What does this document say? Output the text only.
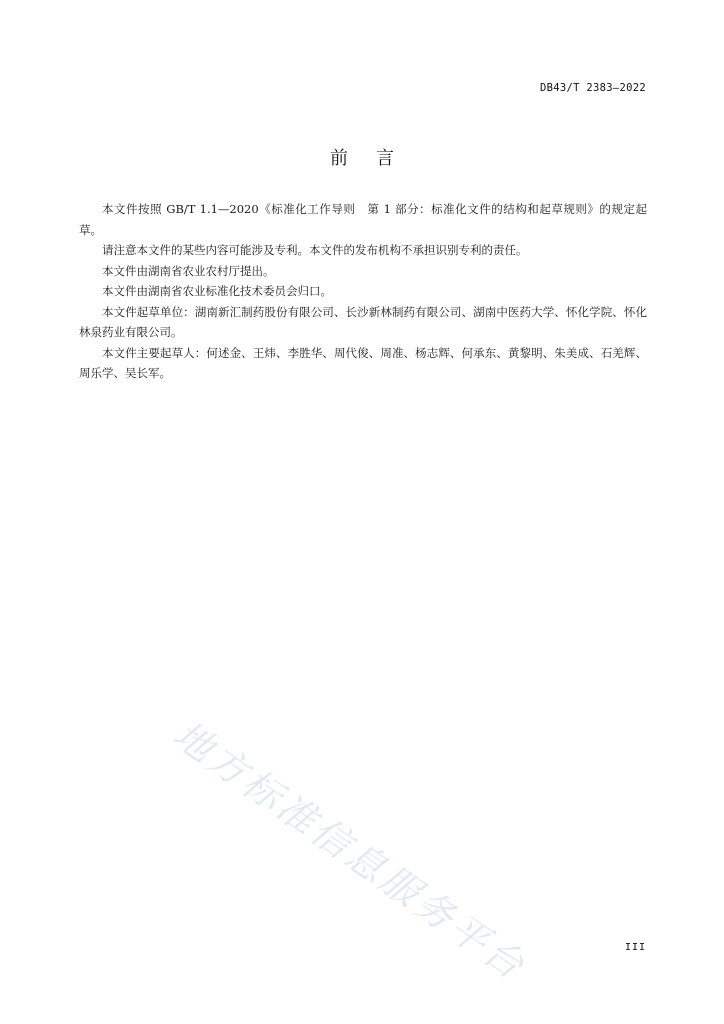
DB43/T 2383—2022
前 言

本文件按照 GB/T 1.1—2020《标准化工作导则　第 1 部分：标准化文件的结构和起草规则》的规定起草。

请注意本文件的某些内容可能涉及专利。本文件的发布机构不承担识别专利的责任。

本文件由湖南省农业农村厅提出。

本文件由湖南省农业标准化技术委员会归口。

本文件起草单位：湖南新汇制药股份有限公司、长沙新林制药有限公司、湖南中医药大学、怀化学院、怀化林泉药业有限公司。

本文件主要起草人：何述金、王炜、李胜华、周代俊、周准、杨志辉、何承东、黄黎明、朱美成、石羌辉、周乐学、吴长军。

地方标准信息服务平台	III
